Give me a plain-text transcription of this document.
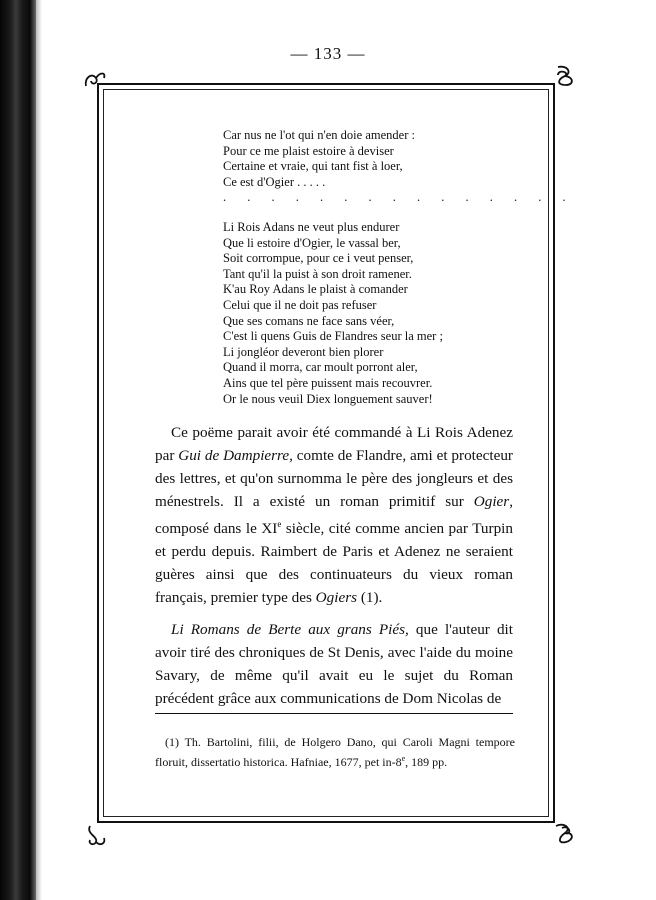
— 133 —
Car nus ne l'ot qui n'en doie amender :
Pour ce me plaist estoire à deviser
Certaine et vraie, qui tant fist à loer,
Ce est d'Ogier . . . . .
. . . . . . . . . . . . . . .
Li Rois Adans ne veut plus endurer
Que li estoire d'Ogier, le vassal ber,
Soit corrompue, pour ce i veut penser,
Tant qu'il la puist à son droit ramener.
K'au Roy Adans le plaist à comander
Celui que il ne doit pas refuser
Que ses comans ne face sans véer,
C'est li quens Guis de Flandres seur la mer ;
Li jongléor deveront bien plorer
Quand il morra, car moult porront aler,
Ains que tel père puissent mais recouvrer.
Or le nous veuil Diex longuement sauver!

Ce poëme parait avoir été commandé à Li Rois Adenez par Gui de Dampierre, comte de Flandre, ami et protecteur des lettres, et qu'on surnomma le père des jongleurs et des ménestrels. Il a existé un roman primitif sur Ogier, composé dans le XIe siècle, cité comme ancien par Turpin et perdu depuis. Raimbert de Paris et Adenez ne seraient guères ainsi que des continuateurs du vieux roman français, premier type des Ogiers (1).

Li Romans de Berte aux grans Piés, que l'auteur dit avoir tiré des chroniques de St Denis, avec l'aide du moine Savary, de même qu'il avait eu le sujet du Roman précédent grâce aux communications de Dom Nicolas de

(1) Th. Bartolini, filii, de Holgero Dano, qui Caroli Magni tempore floruit, dissertatio historica. Hafniae, 1677, pet in-8e, 189 pp.
